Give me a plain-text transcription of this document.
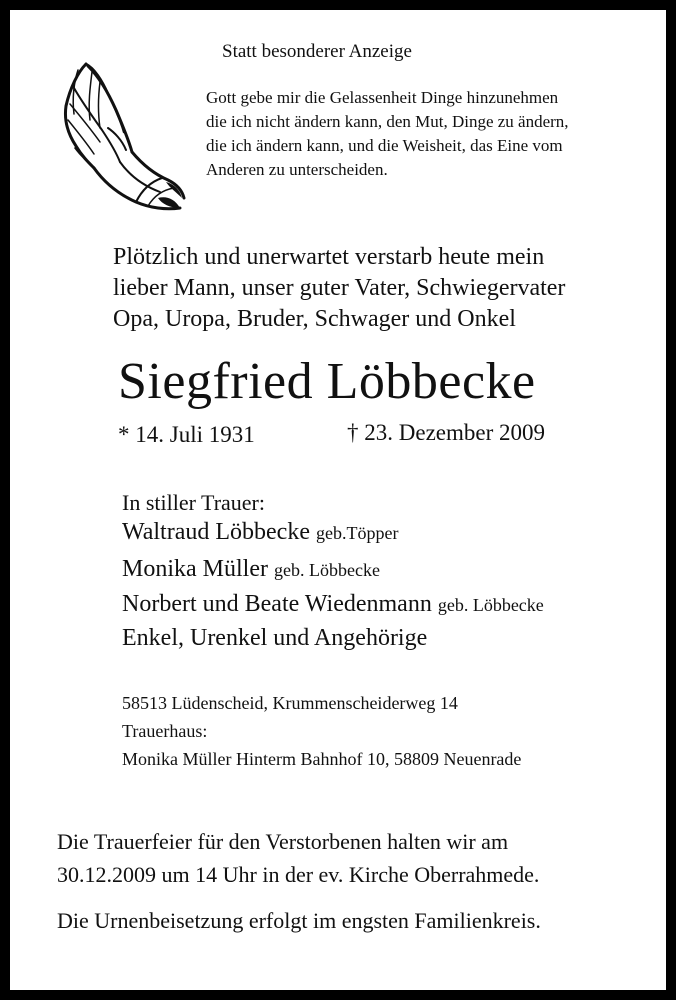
Statt besonderer Anzeige
Gott gebe mir die Gelassenheit Dinge hinzunehmen
die ich nicht ändern kann, den Mut, Dinge zu ändern,
die ich ändern kann, und die Weisheit, das Eine vom
Anderen zu unterscheiden.
Plötzlich und unerwartet verstarb heute mein
lieber Mann, unser guter Vater, Schwiegervater
Opa, Uropa, Bruder, Schwager und Onkel
Siegfried Löbbecke
* 14. Juli 1931	† 23. Dezember 2009
In stiller Trauer:
Waltraud Löbbecke geb.Töpper
Monika Müller geb. Löbbecke
Norbert und Beate Wiedenmann geb. Löbbecke
Enkel, Urenkel und Angehörige
58513 Lüdenscheid, Krummenscheiderweg 14
Trauerhaus:
Monika Müller Hinterm Bahnhof 10, 58809 Neuenrade
Die Trauerfeier für den Verstorbenen halten wir am
30.12.2009 um 14 Uhr in der ev. Kirche Oberrahmede.
Die Urnenbeisetzung erfolgt im engsten Familienkreis.
